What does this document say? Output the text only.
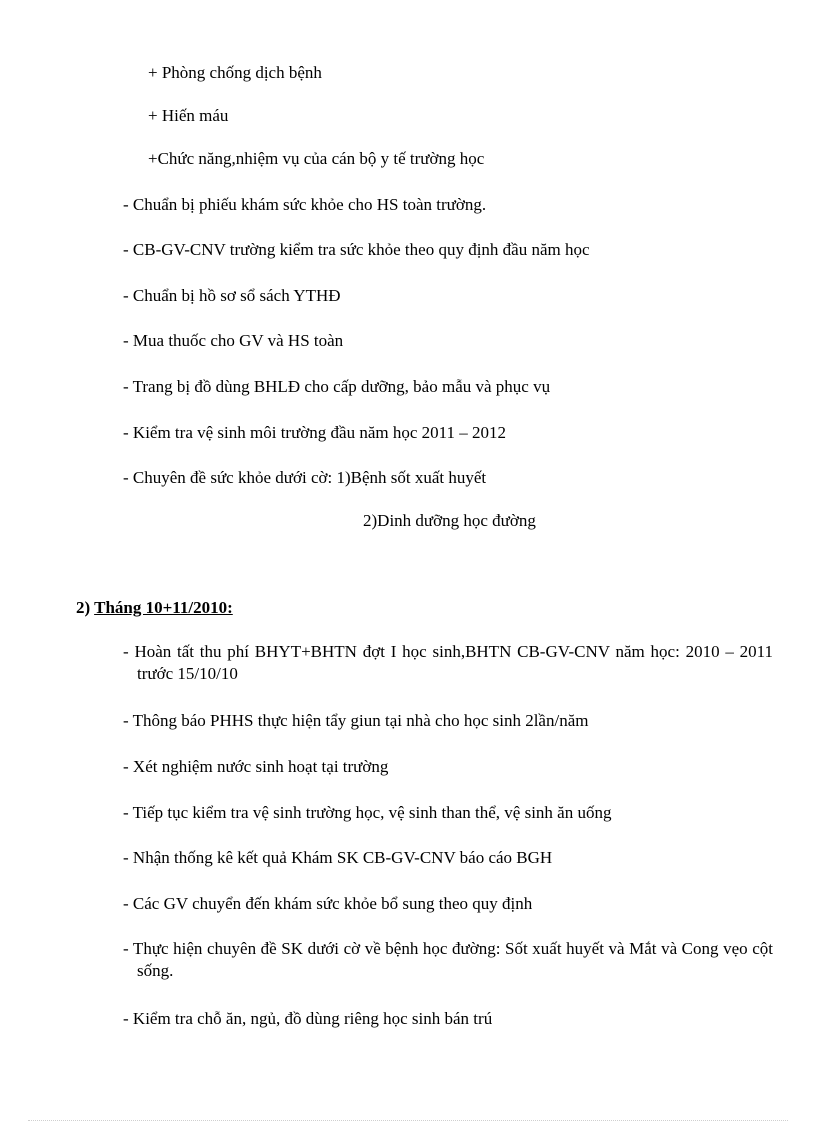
+ Phòng chống dịch bệnh
+ Hiến máu
+Chức năng,nhiệm vụ của cán bộ y tế trường học
- Chuẩn bị phiếu khám sức khỏe cho HS toàn trường.
- CB-GV-CNV trường kiểm tra sức khỏe theo quy định đầu năm học
- Chuẩn bị hồ sơ sổ sách YTHĐ
- Mua thuốc cho GV và HS toàn
- Trang bị đồ dùng BHLĐ cho cấp dưỡng, bảo mẫu và phục vụ
- Kiểm tra vệ sinh môi trường đầu năm học 2011 – 2012
- Chuyên đề sức khỏe dưới cờ: 1)Bệnh sốt xuất huyết
2)Dinh dưỡng học đường
2) Tháng 10+11/2010:
- Hoàn tất thu phí BHYT+BHTN đợt I học sinh,BHTN CB-GV-CNV năm học: 2010 – 2011 trước 15/10/10
- Thông báo PHHS thực hiện tẩy giun tại nhà cho học sinh 2lần/năm
- Xét nghiệm nước sinh hoạt tại trường
- Tiếp tục kiểm tra vệ sinh trường học, vệ sinh than thể, vệ sinh ăn uống
- Nhận thống kê kết quả Khám SK CB-GV-CNV báo cáo BGH
- Các GV chuyển đến khám sức khỏe bổ sung theo quy định
- Thực hiện chuyên đề SK dưới cờ về bệnh học đường: Sốt xuất huyết và Mắt và Cong vẹo cột sống.
- Kiểm tra chỗ ăn, ngủ, đồ dùng riêng học sinh bán trú
